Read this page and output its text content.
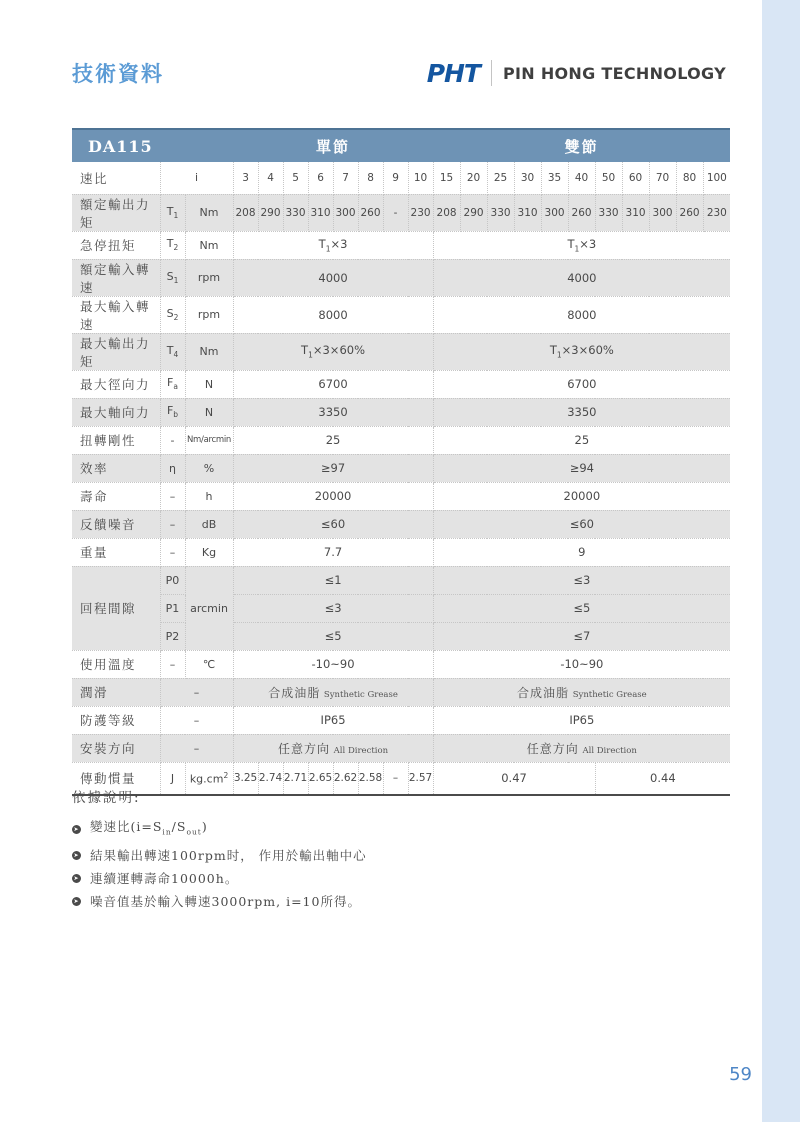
技術資料	PHT PIN HONG TECHNOLOGY
DA115			單節								雙節										
速比	i		3	4	5	6	7	8	9	10	15	20	25	30	35	40	50	60	70	80	100
額定輸出力矩	$T_1$	Nm	208	290	330	310	300	260	-	230	208	290	330	310	300	260	330	310	300	260	230
急停扭矩	$T_2$	Nm	$T_1\times 3$								$T_1\times 3$										
額定輸入轉速	$S_1$	rpm	4000								4000										
最大輸入轉速	$S_2$	rpm	8000								8000										
最大輸出力矩	$T_4$	Nm	$T_1\times 3\times 60\%$								$T_1\times 3\times 60\%$										
最大徑向力	$F_a$	N	6700								6700										
最大軸向力	$F_b$	N	3350								3350										
扭轉剛性	-	Nm/arcmin	25								25										
效率	η	%	≥97								≥94										
壽命	–	h	20000								20000										
反饋噪音	–	dB	≤60								≤60										
重量	–	Kg	7.7								9										
回程間隙	P0	arcmin	≤1								≤3										
	P1		≤3								≤5										
	P2		≤5								≤7										
使用溫度	–	℃	-10~90								-10~90										
潤滑	–		合成油脂 Synthetic Grease								合成油脂 Synthetic Grease										
防護等級	–		IP65								IP65										
安裝方向	–		任意方向 All Direction								任意方向 All Direction										
傳動慣量	J	$kg.cm^2$	3.25	2.74	2.71	2.65	2.62	2.58	–	2.57	0.47						0.44				
依據說明:
➤ 變速比$(i=S_{in}/S_{out})$
➤ 結果輸出轉速100rpm时， 作用於輸出軸中心
➤ 連續運轉壽命10000h。
➤ 噪音值基於輸入轉速3000rpm, i=10所得。
59
